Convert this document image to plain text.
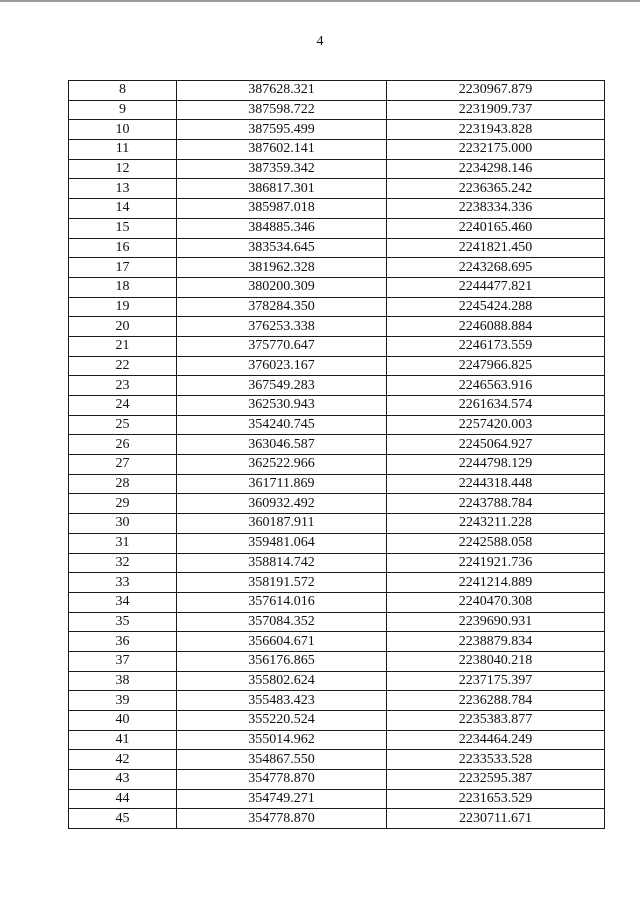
4
8	387628.321	2230967.879
9	387598.722	2231909.737
10	387595.499	2231943.828
11	387602.141	2232175.000
12	387359.342	2234298.146
13	386817.301	2236365.242
14	385987.018	2238334.336
15	384885.346	2240165.460
16	383534.645	2241821.450
17	381962.328	2243268.695
18	380200.309	2244477.821
19	378284.350	2245424.288
20	376253.338	2246088.884
21	375770.647	2246173.559
22	376023.167	2247966.825
23	367549.283	2246563.916
24	362530.943	2261634.574
25	354240.745	2257420.003
26	363046.587	2245064.927
27	362522.966	2244798.129
28	361711.869	2244318.448
29	360932.492	2243788.784
30	360187.911	2243211.228
31	359481.064	2242588.058
32	358814.742	2241921.736
33	358191.572	2241214.889
34	357614.016	2240470.308
35	357084.352	2239690.931
36	356604.671	2238879.834
37	356176.865	2238040.218
38	355802.624	2237175.397
39	355483.423	2236288.784
40	355220.524	2235383.877
41	355014.962	2234464.249
42	354867.550	2233533.528
43	354778.870	2232595.387
44	354749.271	2231653.529
45	354778.870	2230711.671
